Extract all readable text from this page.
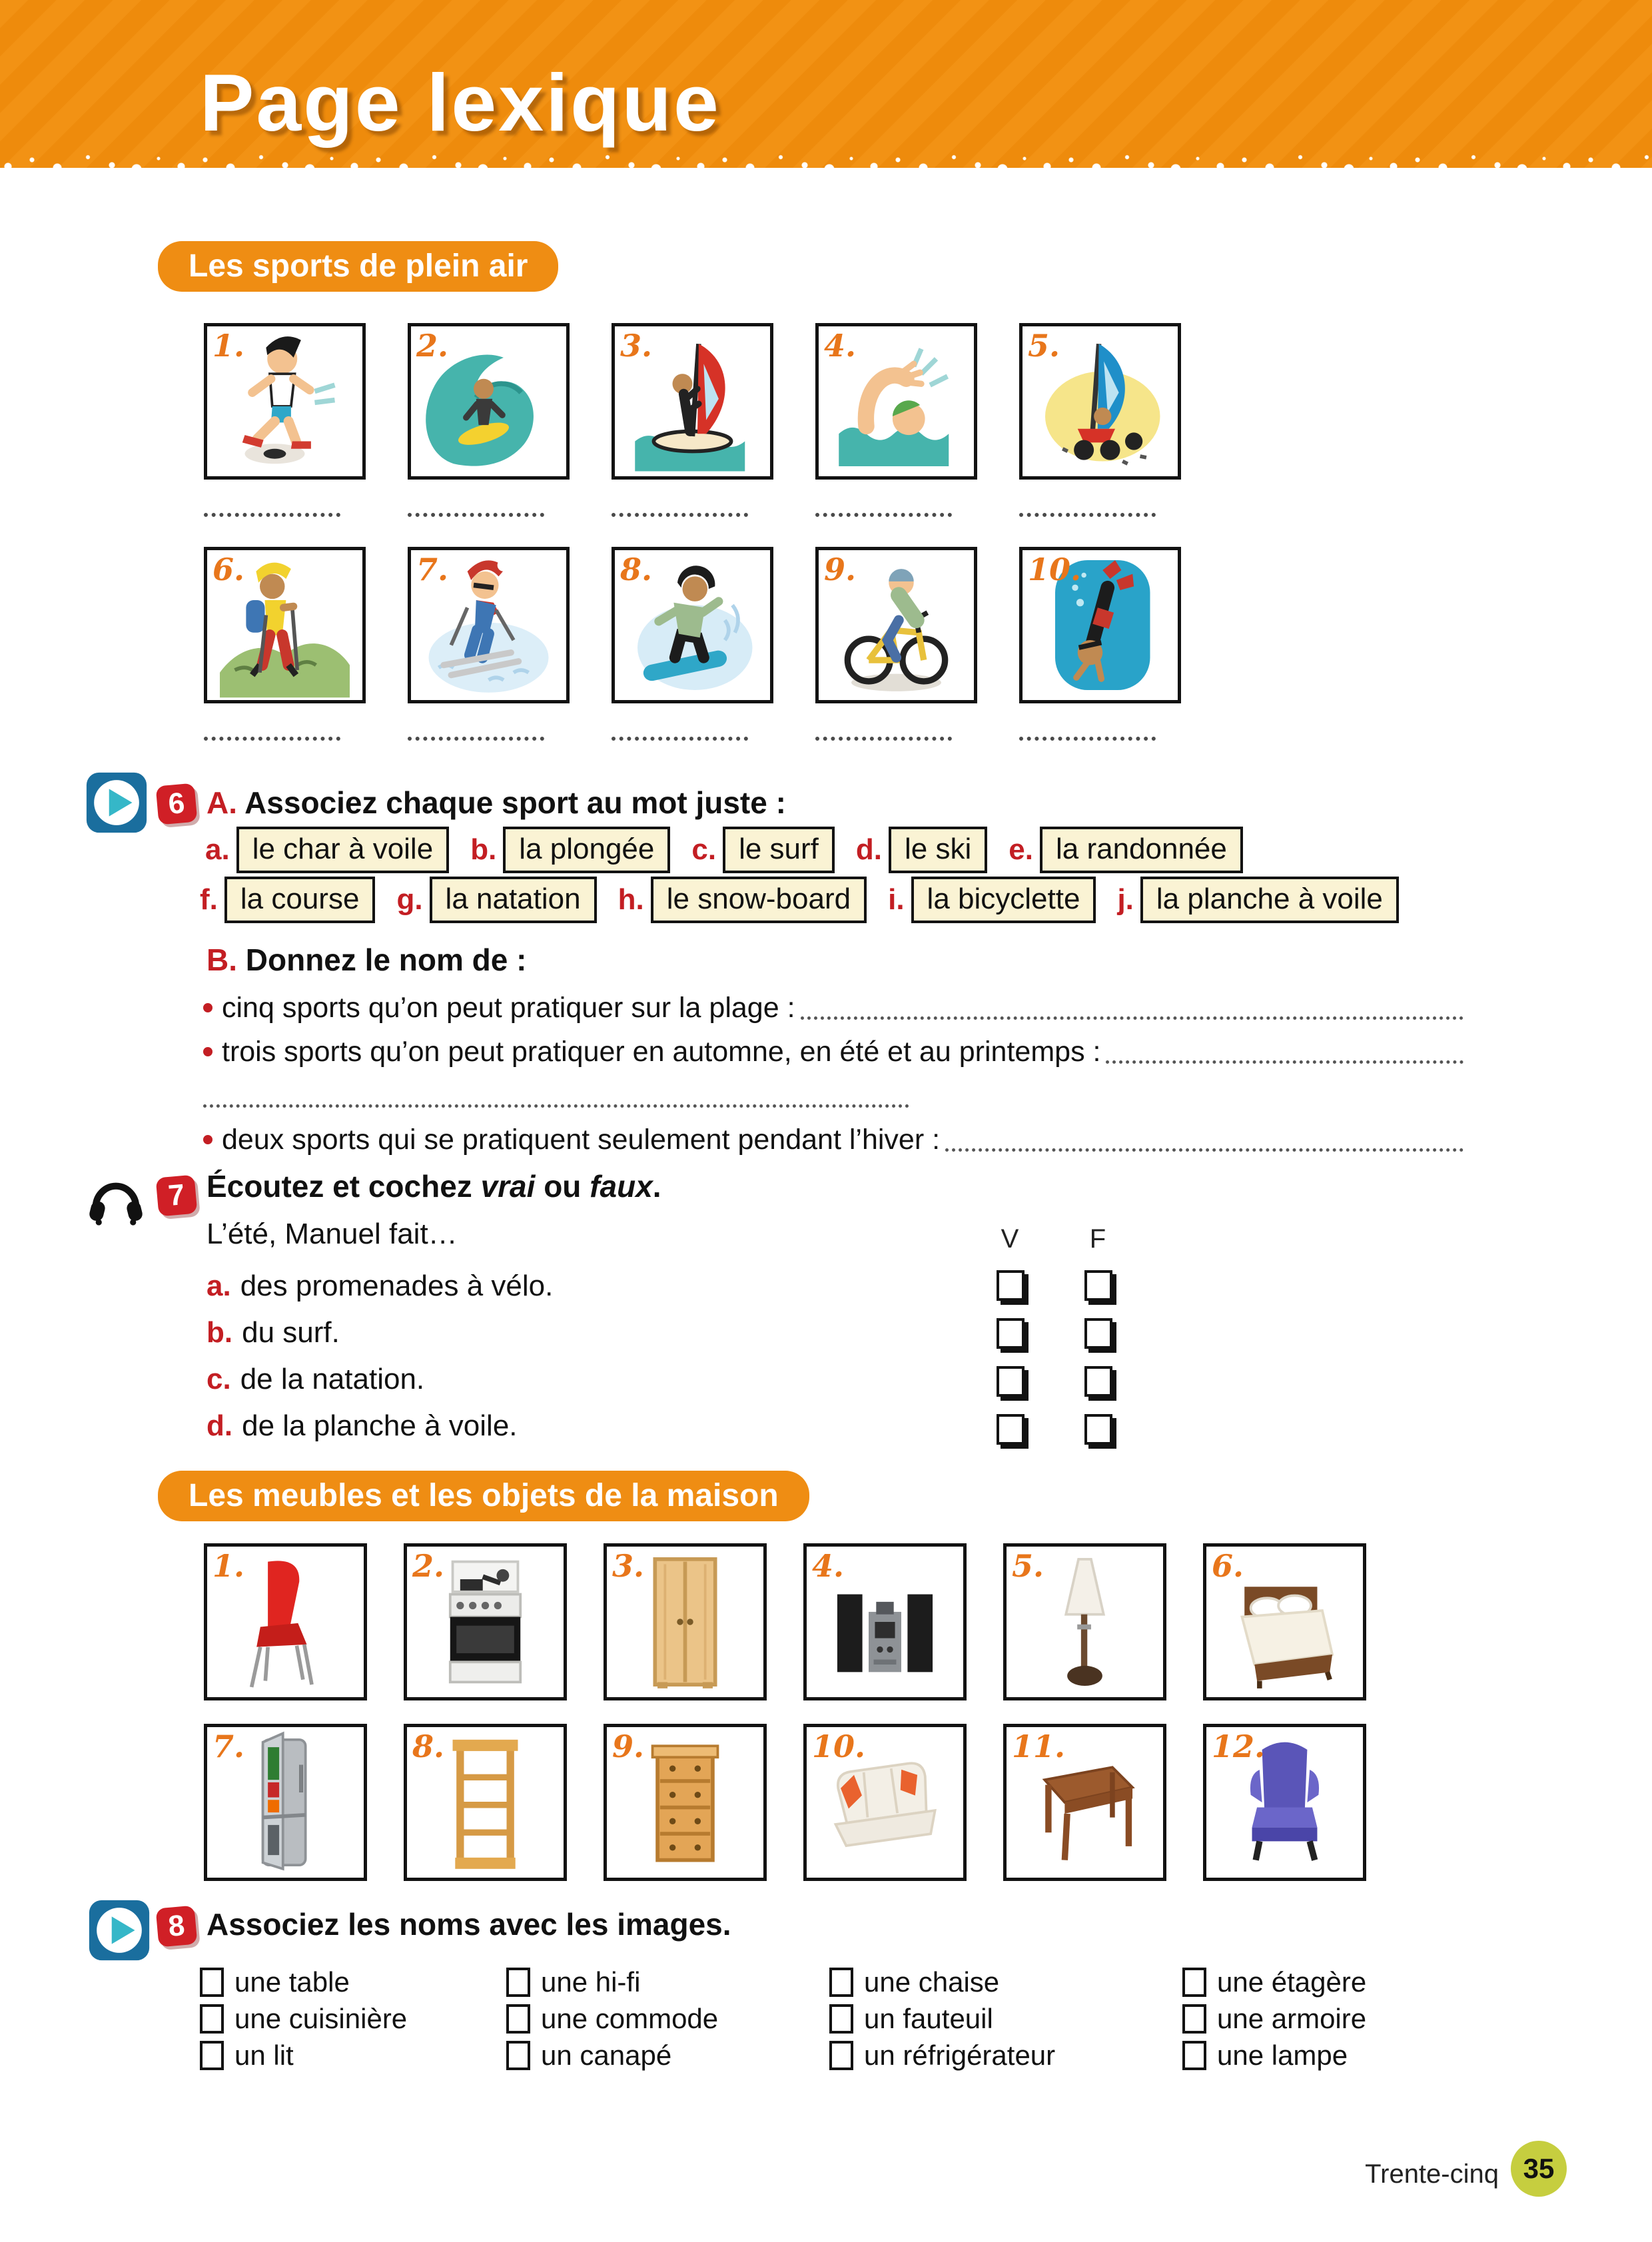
Page lexique
Les sports de plein air
1.	2.	3.	4.	5.
6.	7.	8.	9.	10.
6 A. Associez chaque sport au mot juste :
a. le char à voile	b. la plongée	c. le surf	d. le ski	e. la randonnée
f. la course	g. la natation	h. le snow-board	i. la bicyclette	j. la planche à voile
B. Donnez le nom de :
cinq sports qu’on peut pratiquer sur la plage :
trois sports qu’on peut pratiquer en automne, en été et au printemps :
deux sports qui se pratiquent seulement pendant l’hiver :
7 Écoutez et cochez vrai ou faux.
L’été, Manuel fait…	V	F
a. des promenades à vélo.
b. du surf.
c. de la natation.
d. de la planche à voile.
Les meubles et les objets de la maison
1.	2.	3.	4.	5.	6.
7.	8.	9.	10.	11.	12.
8 Associez les noms avec les images.
une table	une hi-fi	une chaise	une étagère
une cuisinière	une commode	un fauteuil	une armoire
un lit	un canapé	un réfrigérateur	une lampe
Trente-cinq 35
